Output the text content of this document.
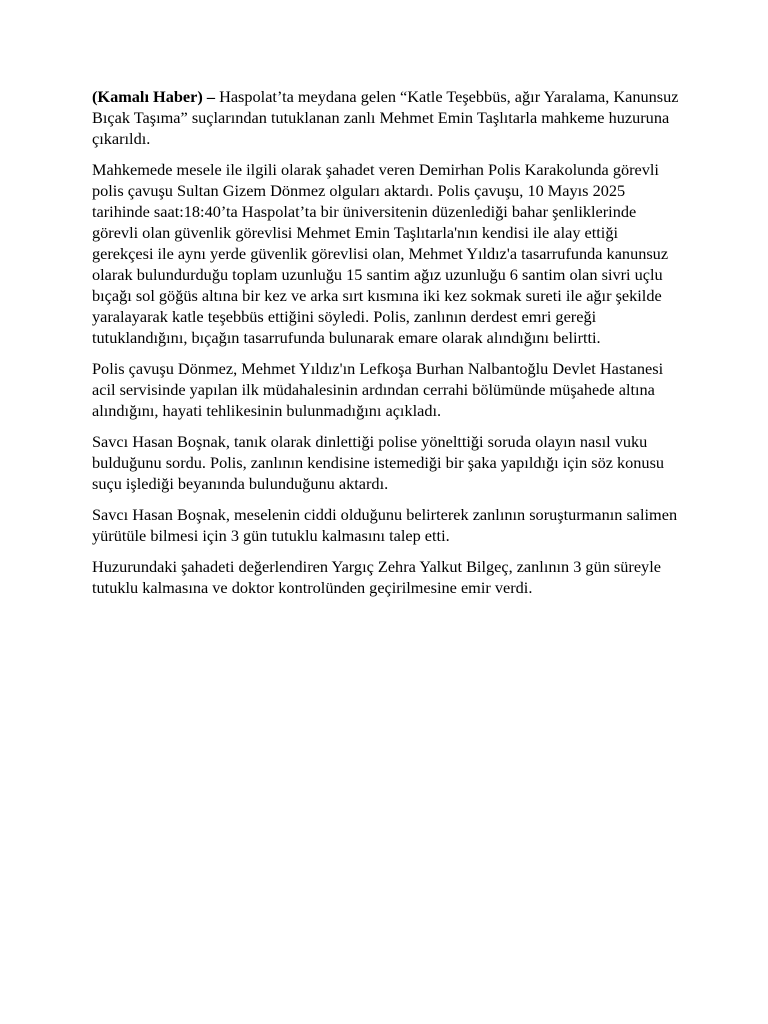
(Kamalı Haber) – Haspolat’ta meydana gelen “Katle Teşebbüs, ağır Yaralama, Kanunsuz Bıçak Taşıma” suçlarından tutuklanan zanlı Mehmet Emin Taşlıtarla mahkeme huzuruna çıkarıldı.

Mahkemede mesele ile ilgili olarak şahadet veren Demirhan Polis Karakolunda görevli polis çavuşu Sultan Gizem Dönmez olguları aktardı. Polis çavuşu, 10 Mayıs 2025 tarihinde saat:18:40’ta Haspolat’ta bir üniversitenin düzenlediği bahar şenliklerinde görevli olan güvenlik görevlisi Mehmet Emin Taşlıtarla'nın kendisi ile alay ettiği gerekçesi ile aynı yerde güvenlik görevlisi olan, Mehmet Yıldız'a tasarrufunda kanunsuz olarak bulundurduğu toplam uzunluğu 15 santim ağız uzunluğu 6 santim olan sivri uçlu bıçağı sol göğüs altına bir kez ve arka sırt kısmına iki kez sokmak sureti ile ağır şekilde yaralayarak katle teşebbüs ettiğini söyledi. Polis, zanlının derdest emri gereği tutuklandığını, bıçağın tasarrufunda bulunarak emare olarak alındığını belirtti.

Polis çavuşu Dönmez, Mehmet Yıldız'ın Lefkoşa Burhan Nalbantoğlu Devlet Hastanesi acil servisinde yapılan ilk müdahalesinin ardından cerrahi bölümünde müşahede altına alındığını, hayati tehlikesinin bulunmadığını açıkladı.

Savcı Hasan Boşnak, tanık olarak dinlettiği polise yönelttiği soruda olayın nasıl vuku bulduğunu sordu. Polis, zanlının kendisine istemediği bir şaka yapıldığı için söz konusu suçu işlediği beyanında bulunduğunu aktardı.

Savcı Hasan Boşnak, meselenin ciddi olduğunu belirterek zanlının soruşturmanın salimen yürütüle bilmesi için 3 gün tutuklu kalmasını talep etti.

Huzurundaki şahadeti değerlendiren Yargıç Zehra Yalkut Bilgeç, zanlının 3 gün süreyle tutuklu kalmasına ve doktor kontrolünden geçirilmesine emir verdi.
